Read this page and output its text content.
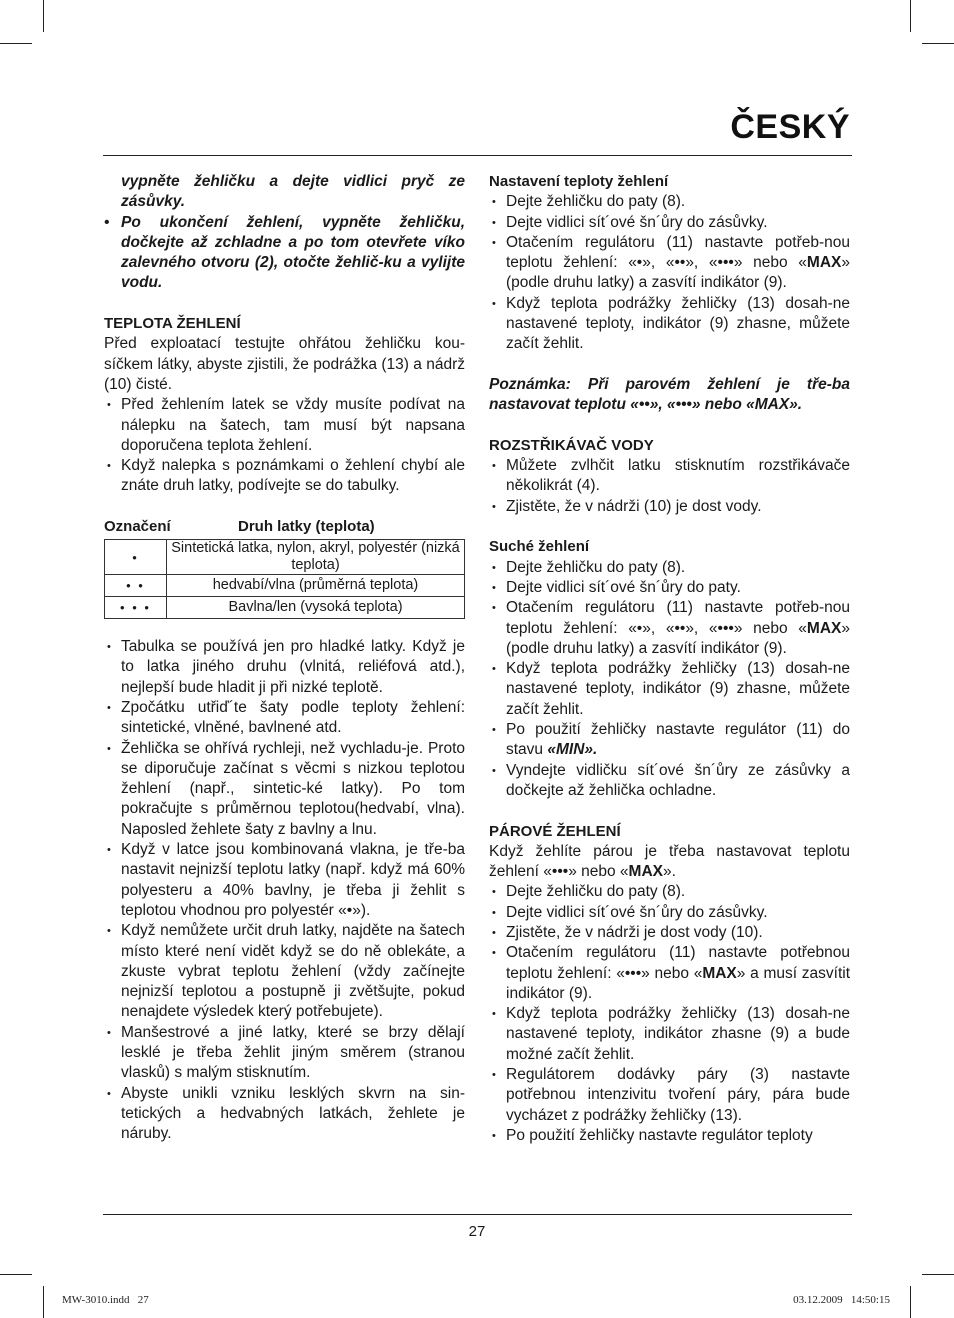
ČESKÝ

vypněte žehličku a dejte vidlici pryč ze zásůvky.

• Po ukončení žehlení, vypněte žehličku, dočkejte až zchladne a po tom otevřete víko zalevného otvoru (2), otočte žehlič-ku a vylijte vodu.
TEPLOTA ŽEHLENÍ

Před exploatací testujte ohřátou žehličku kou-síčkem látky, abyste zjistili, že podrážka (13) a nádrž (10) čisté.

• Před žehlením latek se vždy musíte podívat na nálepku na šatech, tam musí být napsana doporučena teplota žehlení.
• Když nalepka s poznámkami o žehlení chybí ale znáte druh latky, podívejte se do tabulky.
Označení	Druh latky (teplota)
•	Sintetická latka, nylon, akryl, polyestér (nizká teplota)
• •	hedvabí/vlna (průměrná teplota)
• • •	Bavlna/len (vysoká teplota)
• Tabulka se používá jen pro hladké latky. Když je to latka jiného druhu (vlnitá, reliéfová atd.), nejlepší bude hladit ji při nizké teplotě.
• Zpočátku utřiď´te šaty podle teploty žehlení: sintetické, vlněné, bavlnené atd.
• Žehlička se ohřívá rychleji, než vychladu-je. Proto se diporučuje začínat s věcmi s nizkou teplotou žehlení (např., sintetic-ké latky). Po tom pokračujte s průměrnou teplotou(hedvabí, vlna). Naposled žehlete šaty z bavlny a lnu.
• Když v latce jsou kombinovaná vlakna, je tře-ba nastavit nejnizší teplotu latky (např. když má 60% polyesteru a 40% bavlny, je třeba ji žehlit s teplotou vhodnou pro polyestér «•»).
• Když nemůžete určit druh latky, najděte na šatech místo které není vidět když se do ně oblekáte, a zkuste vybrat teplotu žehlení (vždy začínejte nejnizší teplotou a postupně ji zvětšujte, pokud nenajdete výsledek který potřebujete).
• Manšestrové a jiné latky, které se brzy dělají lesklé je třeba žehlit jiným směrem (stranou vlasků) s malým stisknutím.
• Abyste unikli vzniku lesklých skvrn na sin-tetických a hedvabných latkách, žehlete je náruby.
Nastavení teploty žehlení
• Dejte žehličku do paty (8).
• Dejte vidlici sít´ové šn´ůry do zásůvky.
• Otačením regulátoru (11) nastavte potřeb-nou teplotu žehlení: «•», «••», «•••» nebo «MAX» (podle druhu latky) a zasvítí indikátor (9).
• Když teplota podrážky žehličky (13) dosah-ne nastavené teploty, indikátor (9) zhasne, můžete začít žehlit.

Poznámka: Při parovém žehlení je tře-ba nastavovat teplotu «••», «•••» nebo «MAX».

ROZSTŘIKÁVAČ VODY
• Můžete zvlhčit latku stisknutím rozstřikávače několikrát (4).
• Zjistěte, že v nádrži (10) je dost vody.
Suché žehlení
• Dejte žehličku do paty (8).
• Dejte vidlici sít´ové šn´ůry do paty.
• Otačením regulátoru (11) nastavte potřeb-nou teplotu žehlení: «•», «••», «•••» nebo «MAX» (podle druhu latky) a zasvítí indikátor (9).
• Když teplota podrážky žehličky (13) dosah-ne nastavené teploty, indikátor (9) zhasne, můžete začít žehlit.
• Po použití žehličky nastavte regulátor (11) do stavu «MIN».
• Vyndejte vidličku sít´ové šn´ůry ze zásůvky a dočkejte až žehlička ochladne.
PÁROVÉ ŽEHLENÍ

Když žehlíte párou je třeba nastavovat teplotu žehlení «•••» nebo «MAX».

• Dejte žehličku do paty (8).
• Dejte vidlici sít´ové šn´ůry do zásůvky.
• Zjistěte, že v nádrži je dost vody (10).
• Otačením regulátoru (11) nastavte potřebnou teplotu žehlení: «•••» nebo «MAX» a musí zasvítit indikátor (9).
• Když teplota podrážky žehličky (13) dosah-ne nastavené teploty, indikátor zhasne (9) a bude možné začít žehlit.
• Regulátorem dodávky páry (3) nastavte potřebnou intenzivitu tvoření páry, pára bude vycházet z podrážky žehličky (13).
• Po použití žehličky nastavte regulátor teploty
27
MW-3010.indd   27	03.12.2009   14:50:15
